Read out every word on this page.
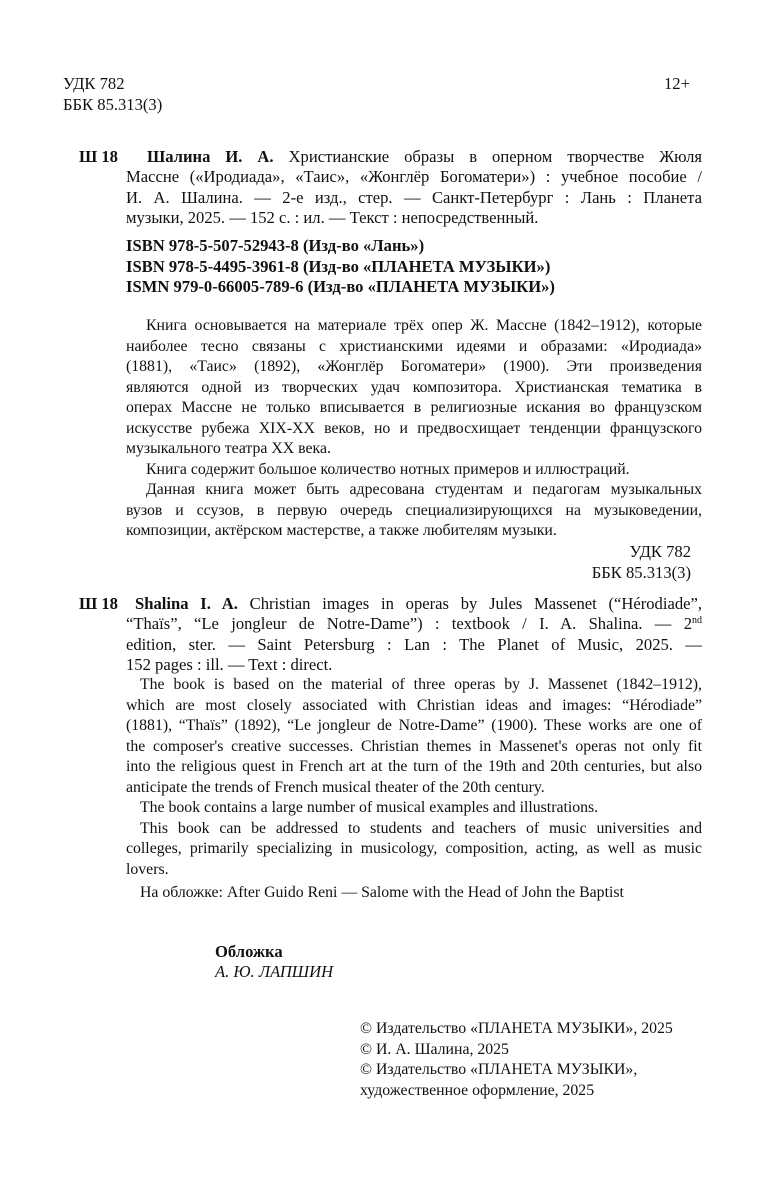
УДК 782
ББК 85.313(3)
12+
Ш 18 Шалина И. А. Христианские образы в оперном творчестве Жюля
Массне («Иродиада», «Таис», «Жонглёр Богоматери») : учебное пособие /
И. А. Шалина. — 2-е изд., стер. — Санкт-Петербург : Лань : Планета
музыки, 2025. — 152 с. : ил. — Текст : непосредственный.
ISBN 978-5-507-52943-8 (Изд-во «Лань»)
ISBN 978-5-4495-3961-8 (Изд-во «ПЛАНЕТА МУЗЫКИ»)
ISMN 979-0-66005-789-6 (Изд-во «ПЛАНЕТА МУЗЫКИ»)
Книга основывается на материале трёх опер Ж. Массне (1842–1912), которые
наиболее тесно связаны с христианскими идеями и образами: «Иродиада»
(1881), «Таис» (1892), «Жонглёр Богоматери» (1900). Эти произведения
являются одной из творческих удач композитора. Христианская тематика в
операх Массне не только вписывается в религиозные искания во французском
искусстве рубежа XIX-XX веков, но и предвосхищает тенденции французского
музыкального театра XX века.
Книга содержит большое количество нотных примеров и иллюстраций.
Данная книга может быть адресована студентам и педагогам музыкальных
вузов и ссузов, в первую очередь специализирующихся на музыковедении,
композиции, актёрском мастерстве, а также любителям музыки.
УДК 782
ББК 85.313(3)
Ш 18 Shalina I. A. Christian images in operas by Jules Massenet (“Hérodiade”,
“Thaïs”, “Le jongleur de Notre-Dame”) : textbook / I. A. Shalina. — 2nd
edition, ster. — Saint Petersburg : Lan : The Planet of Music, 2025. —
152 pages : ill. — Text : direct.
The book is based on the material of three operas by J. Massenet (1842–1912),
which are most closely associated with Christian ideas and images: “Hérodiade”
(1881), “Thaïs” (1892), “Le jongleur de Notre-Dame” (1900). These works are one of
the composer's creative successes. Christian themes in Massenet's operas not only fit
into the religious quest in French art at the turn of the 19th and 20th centuries, but also
anticipate the trends of French musical theater of the 20th century.
The book contains a large number of musical examples and illustrations.
This book can be addressed to students and teachers of music universities and
colleges, primarily specializing in musicology, composition, acting, as well as music
lovers.
На обложке: After Guido Reni — Salome with the Head of John the Baptist
Обложка
А. Ю. ЛАПШИН
© Издательство «ПЛАНЕТА МУЗЫКИ», 2025
© И. А. Шалина, 2025
© Издательство «ПЛАНЕТА МУЗЫКИ»,
художественное оформление, 2025
